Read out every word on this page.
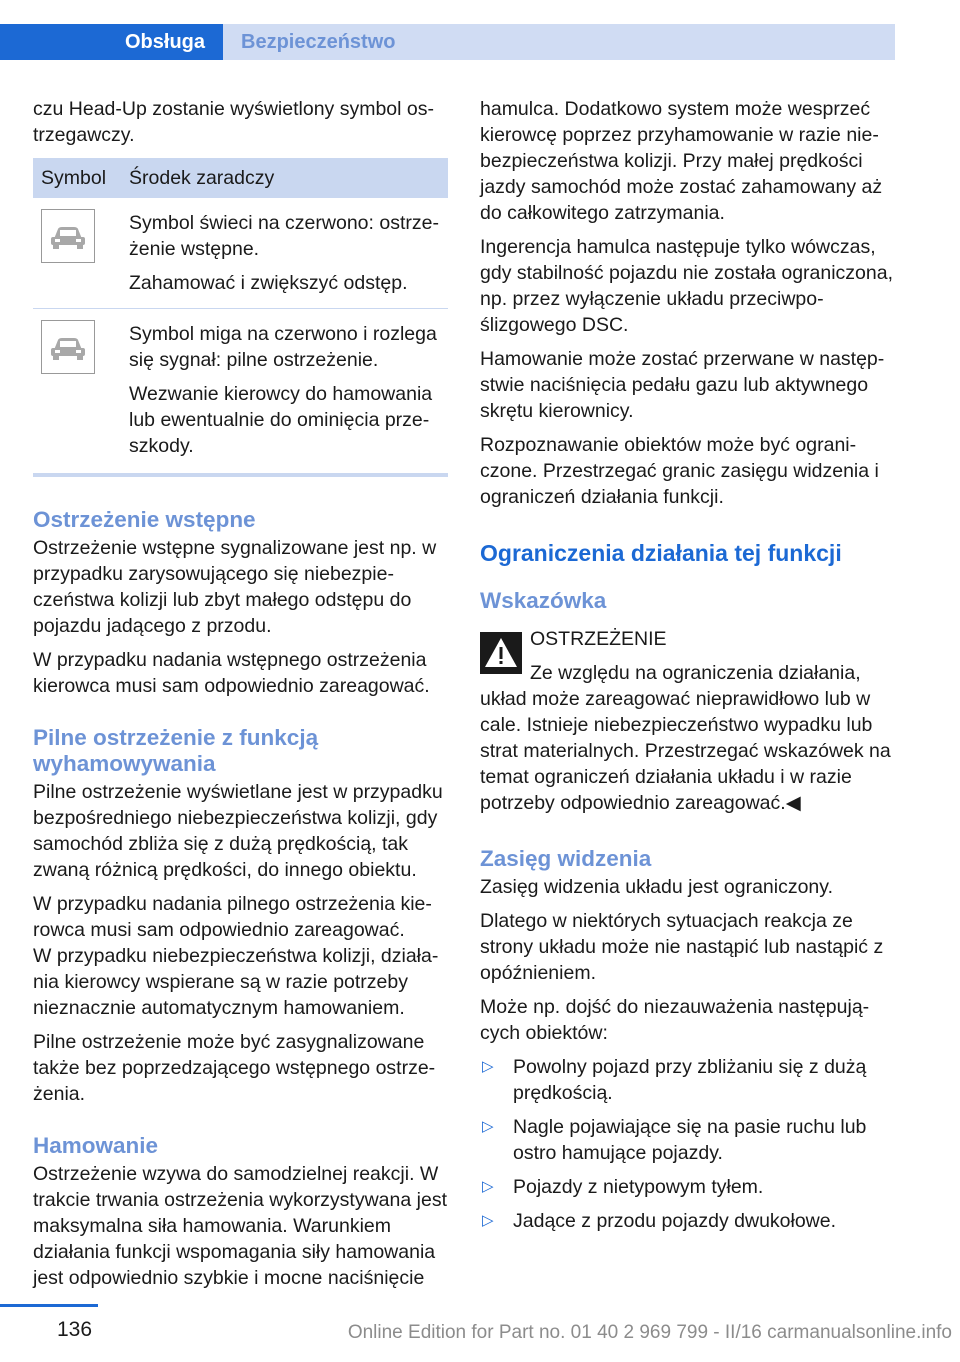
Obsługa	Bezpieczeństwo

czu Head-Up zostanie wyświetlony symbol ostrzegawczy.

Symbol	Środek zaradczy

Symbol świeci na czerwono: ostrzeżenie wstępne.

Zahamować i zwiększyć odstęp.

Symbol miga na czerwono i rozlega się sygnał: pilne ostrzeżenie.

Wezwanie kierowcy do hamowania lub ewentualnie do ominięcia przeszkody.

Ostrzeżenie wstępne

Ostrzeżenie wstępne sygnalizowane jest np. w przypadku zarysowującego się niebezpieczeństwa kolizji lub zbyt małego odstępu do pojazdu jadącego z przodu.

W przypadku nadania wstępnego ostrzeżenia kierowca musi sam odpowiednio zareagować.

Pilne ostrzeżenie z funkcją wyhamowywania

Pilne ostrzeżenie wyświetlane jest w przypadku bezpośredniego niebezpieczeństwa kolizji, gdy samochód zbliża się z dużą prędkością, tak zwaną różnicą prędkości, do innego obiektu.

W przypadku nadania pilnego ostrzeżenia kierowca musi sam odpowiednio zareagować.

W przypadku niebezpieczeństwa kolizji, działania kierowcy wspierane są w razie potrzeby nieznacznie automatycznym hamowaniem.

Pilne ostrzeżenie może być zasygnalizowane także bez poprzedzającego wstępnego ostrzeżenia.

Hamowanie

Ostrzeżenie wzywa do samodzielnej reakcji. W trakcie trwania ostrzeżenia wykorzystywana jest maksymalna siła hamowania. Warunkiem działania funkcji wspomagania siły hamowania jest odpowiednio szybkie i mocne naciśnięcie

hamulca. Dodatkowo system może wesprzeć kierowcę poprzez przyhamowanie w razie niebezpieczeństwa kolizji. Przy małej prędkości jazdy samochód może zostać zahamowany aż do całkowitego zatrzymania.

Ingerencja hamulca następuje tylko wówczas, gdy stabilność pojazdu nie została ograniczona, np. przez wyłączenie układu przeciwpoślizgowego DSC.

Hamowanie może zostać przerwane w następstwie naciśnięcia pedału gazu lub aktywnego skrętu kierownicy.

Rozpoznawanie obiektów może być ograniczone. Przestrzegać granic zasięgu widzenia i ograniczeń działania funkcji.

Ograniczenia działania tej funkcji
Wskazówka
OSTRZEŻENIE

Ze względu na ograniczenia działania, układ może zareagować nieprawidłowo lub w cale. Istnieje niebezpieczeństwo wypadku lub strat materialnych. Przestrzegać wskazówek na temat ograniczeń działania układu i w razie potrzeby odpowiednio zareagować.◀

Zasięg widzenia

Zasięg widzenia układu jest ograniczony.

Dlatego w niektórych sytuacjach reakcja ze strony układu może nie nastąpić lub nastąpić z opóźnieniem.

Może np. dojść do niezauważenia następujących obiektów:

▷ Powolny pojazd przy zbliżaniu się z dużą prędkością.
▷ Nagle pojawiające się na pasie ruchu lub ostro hamujące pojazdy.
▷ Pojazdy z nietypowym tyłem.
▷ Jadące z przodu pojazdy dwukołowe.
136	Online Edition for Part no. 01 40 2 969 799 - II/16 carmanualsonline.info
